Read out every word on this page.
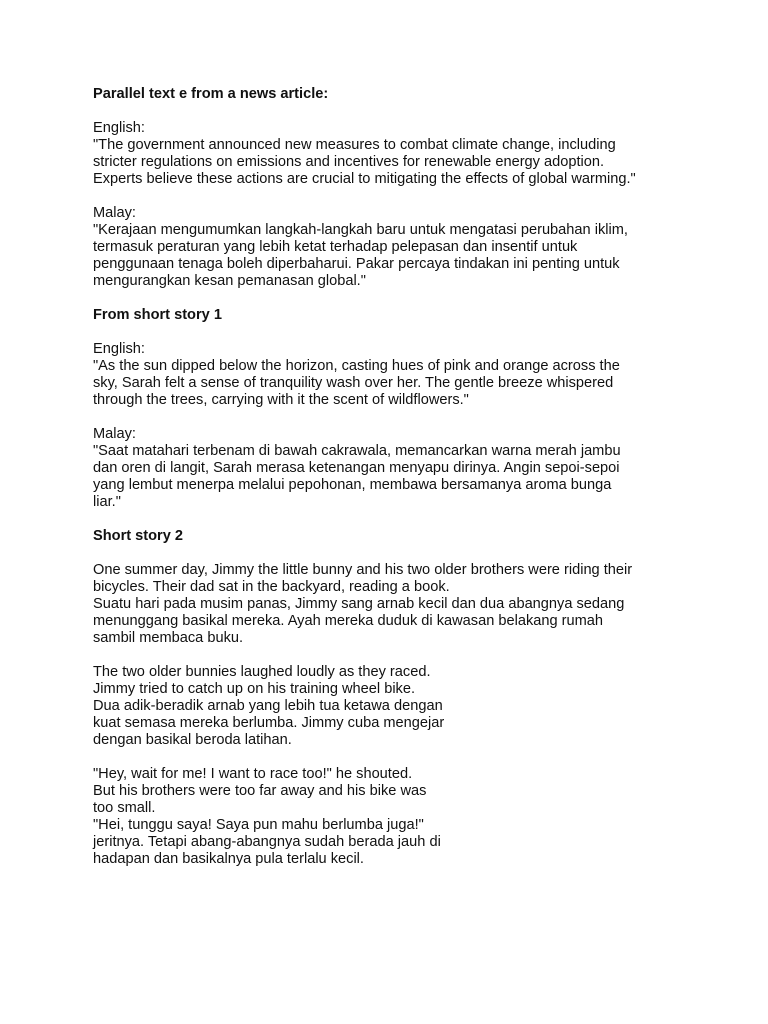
Parallel text e from a news article:

English:

"The government announced new measures to combat climate change, including
stricter regulations on emissions and incentives for renewable energy adoption.
Experts believe these actions are crucial to mitigating the effects of global warming."

Malay:

"Kerajaan mengumumkan langkah-langkah baru untuk mengatasi perubahan iklim,
termasuk peraturan yang lebih ketat terhadap pelepasan dan insentif untuk
penggunaan tenaga boleh diperbaharui. Pakar percaya tindakan ini penting untuk
mengurangkan kesan pemanasan global."

From short story 1

English:

"As the sun dipped below the horizon, casting hues of pink and orange across the
sky, Sarah felt a sense of tranquility wash over her. The gentle breeze whispered
through the trees, carrying with it the scent of wildflowers."

Malay:

"Saat matahari terbenam di bawah cakrawala, memancarkan warna merah jambu
dan oren di langit, Sarah merasa ketenangan menyapu dirinya. Angin sepoi-sepoi
yang lembut menerpa melalui pepohonan, membawa bersamanya aroma bunga
liar."

Short story 2

One summer day, Jimmy the little bunny and his two older brothers were riding their
bicycles. Their dad sat in the backyard, reading a book.
Suatu hari pada musim panas, Jimmy sang arnab kecil dan dua abangnya sedang
menunggang basikal mereka. Ayah mereka duduk di kawasan belakang rumah
sambil membaca buku.

The two older bunnies laughed loudly as they raced.
Jimmy tried to catch up on his training wheel bike.
Dua adik-beradik arnab yang lebih tua ketawa dengan
kuat semasa mereka berlumba. Jimmy cuba mengejar
dengan basikal beroda latihan.

"Hey, wait for me! I want to race too!" he shouted.
But his brothers were too far away and his bike was
too small.
"Hei, tunggu saya! Saya pun mahu berlumba juga!"
jeritnya. Tetapi abang-abangnya sudah berada jauh di
hadapan dan basikalnya pula terlalu kecil.
